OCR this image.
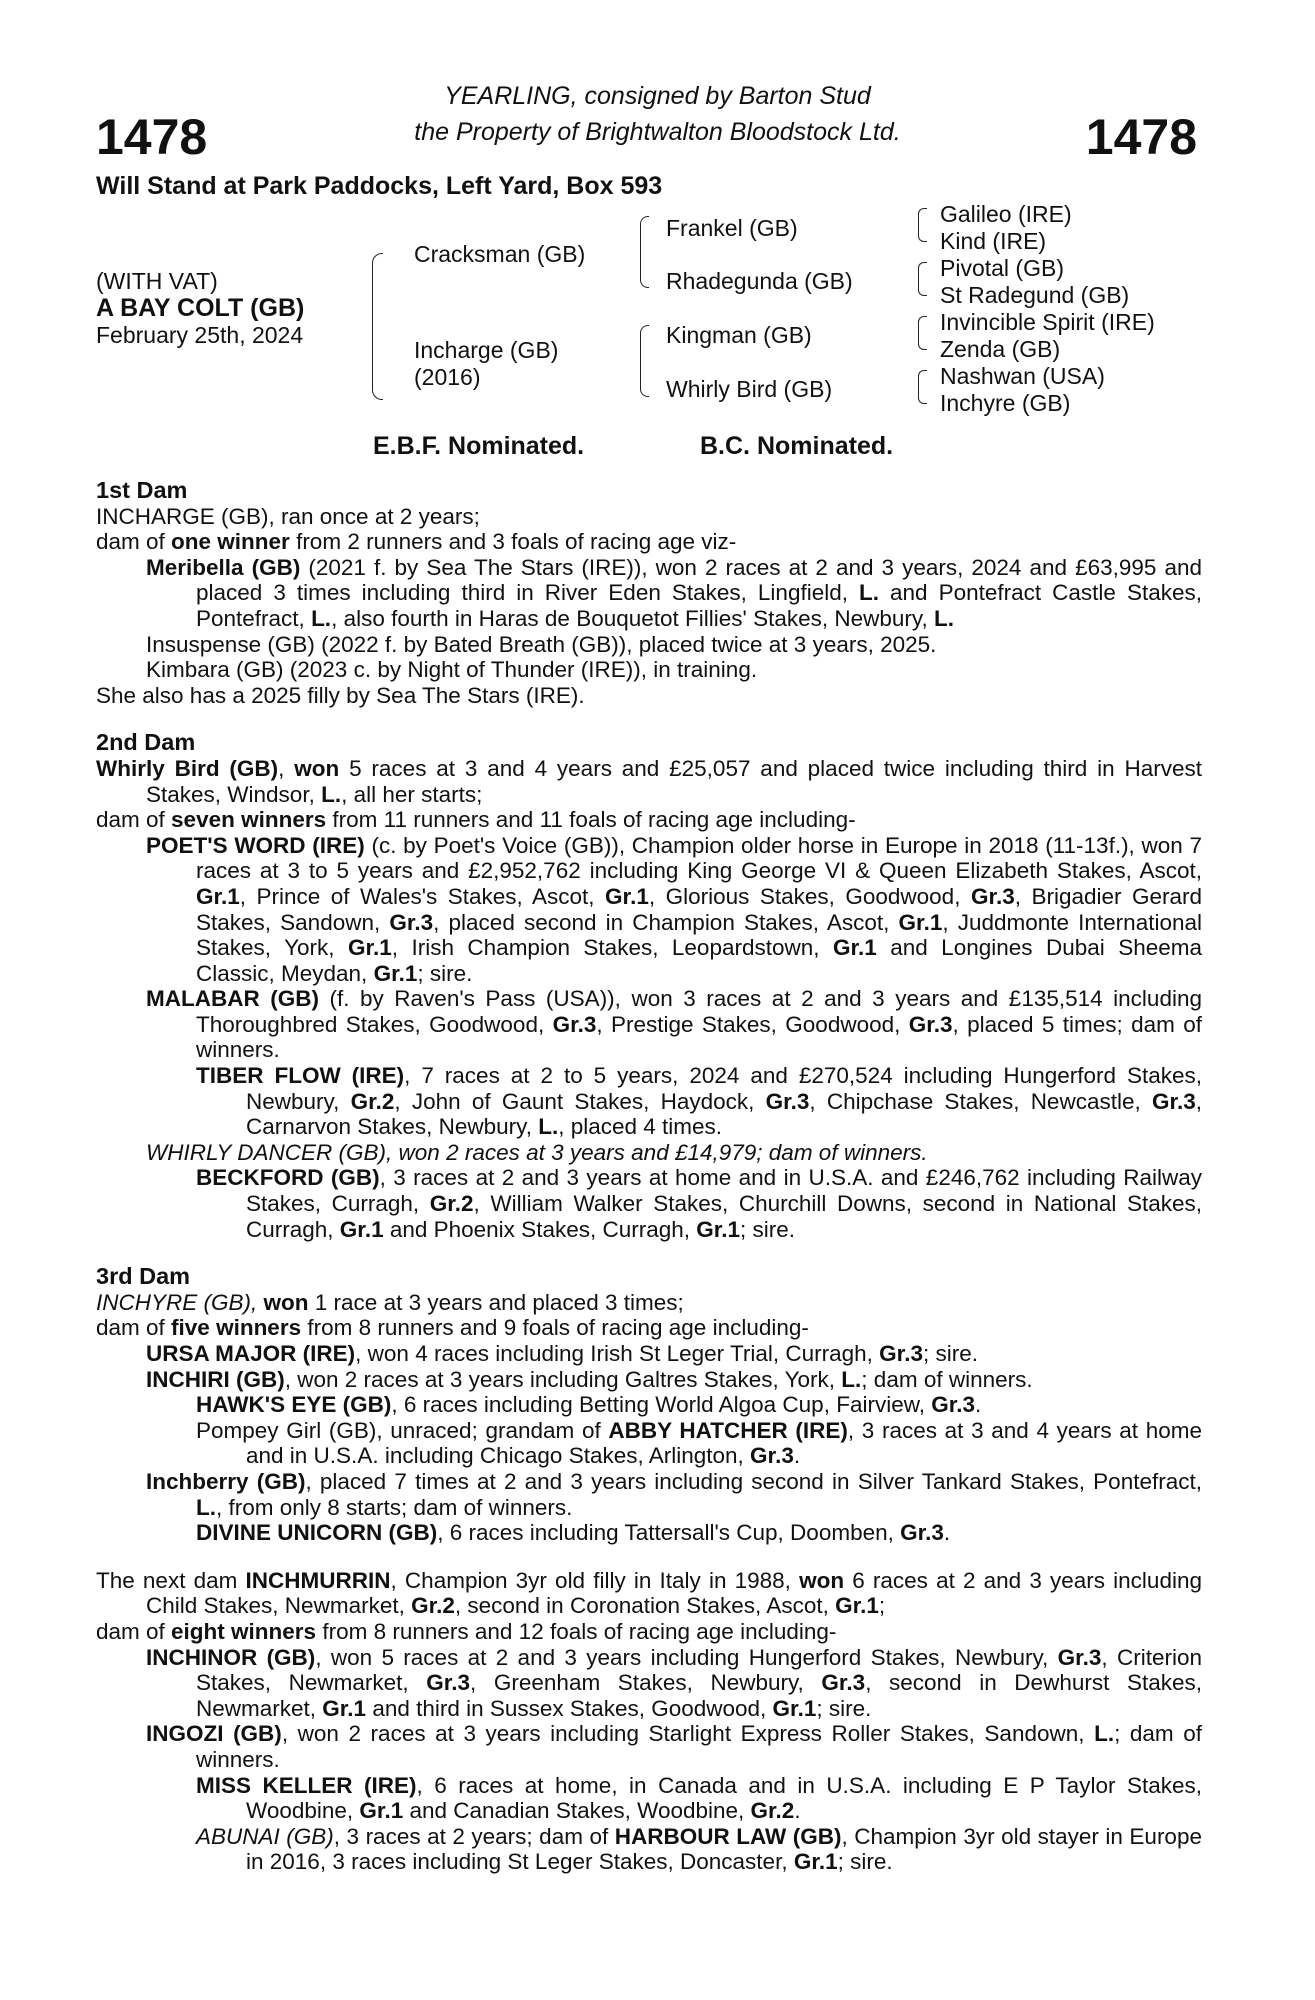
1478	1478
YEARLING, consigned by Barton Stud
the Property of Brightwalton Bloodstock Ltd.
Will Stand at Park Paddocks, Left Yard, Box 593
(WITH VAT)
A BAY COLT (GB)
February 25th, 2024
Cracksman (GB)
Incharge (GB)
(2016)
Frankel (GB)
Rhadegunda (GB)
Kingman (GB)
Whirly Bird (GB)
Galileo (IRE)
Kind (IRE)
Pivotal (GB)
St Radegund (GB)
Invincible Spirit (IRE)
Zenda (GB)
Nashwan (USA)
Inchyre (GB)
E.B.F. Nominated.	B.C. Nominated.
1st Dam
INCHARGE (GB), ran once at 2 years;
dam of one winner from 2 runners and 3 foals of racing age viz-
Meribella (GB) (2021 f. by Sea The Stars (IRE)), won 2 races at 2 and 3 years, 2024 and £63,995 and placed 3 times including third in River Eden Stakes, Lingfield, L. and Pontefract Castle Stakes, Pontefract, L., also fourth in Haras de Bouquetot Fillies' Stakes, Newbury, L.
Insuspense (GB) (2022 f. by Bated Breath (GB)), placed twice at 3 years, 2025.
Kimbara (GB) (2023 c. by Night of Thunder (IRE)), in training.
She also has a 2025 filly by Sea The Stars (IRE).
2nd Dam
Whirly Bird (GB), won 5 races at 3 and 4 years and £25,057 and placed twice including third in Harvest Stakes, Windsor, L., all her starts;
dam of seven winners from 11 runners and 11 foals of racing age including-
POET'S WORD (IRE) (c. by Poet's Voice (GB)), Champion older horse in Europe in 2018 (11-13f.), won 7 races at 3 to 5 years and £2,952,762 including King George VI & Queen Elizabeth Stakes, Ascot, Gr.1, Prince of Wales's Stakes, Ascot, Gr.1, Glorious Stakes, Goodwood, Gr.3, Brigadier Gerard Stakes, Sandown, Gr.3, placed second in Champion Stakes, Ascot, Gr.1, Juddmonte International Stakes, York, Gr.1, Irish Champion Stakes, Leopardstown, Gr.1 and Longines Dubai Sheema Classic, Meydan, Gr.1; sire.
MALABAR (GB) (f. by Raven's Pass (USA)), won 3 races at 2 and 3 years and £135,514 including Thoroughbred Stakes, Goodwood, Gr.3, Prestige Stakes, Goodwood, Gr.3, placed 5 times; dam of winners.
TIBER FLOW (IRE), 7 races at 2 to 5 years, 2024 and £270,524 including Hungerford Stakes, Newbury, Gr.2, John of Gaunt Stakes, Haydock, Gr.3, Chipchase Stakes, Newcastle, Gr.3, Carnarvon Stakes, Newbury, L., placed 4 times.
WHIRLY DANCER (GB), won 2 races at 3 years and £14,979; dam of winners.
BECKFORD (GB), 3 races at 2 and 3 years at home and in U.S.A. and £246,762 including Railway Stakes, Curragh, Gr.2, William Walker Stakes, Churchill Downs, second in National Stakes, Curragh, Gr.1 and Phoenix Stakes, Curragh, Gr.1; sire.
3rd Dam
INCHYRE (GB), won 1 race at 3 years and placed 3 times;
dam of five winners from 8 runners and 9 foals of racing age including-
URSA MAJOR (IRE), won 4 races including Irish St Leger Trial, Curragh, Gr.3; sire.
INCHIRI (GB), won 2 races at 3 years including Galtres Stakes, York, L.; dam of winners.
HAWK'S EYE (GB), 6 races including Betting World Algoa Cup, Fairview, Gr.3.
Pompey Girl (GB), unraced; grandam of ABBY HATCHER (IRE), 3 races at 3 and 4 years at home and in U.S.A. including Chicago Stakes, Arlington, Gr.3.
Inchberry (GB), placed 7 times at 2 and 3 years including second in Silver Tankard Stakes, Pontefract, L., from only 8 starts; dam of winners.
DIVINE UNICORN (GB), 6 races including Tattersall's Cup, Doomben, Gr.3.
The next dam INCHMURRIN, Champion 3yr old filly in Italy in 1988, won 6 races at 2 and 3 years including Child Stakes, Newmarket, Gr.2, second in Coronation Stakes, Ascot, Gr.1;
dam of eight winners from 8 runners and 12 foals of racing age including-
INCHINOR (GB), won 5 races at 2 and 3 years including Hungerford Stakes, Newbury, Gr.3, Criterion Stakes, Newmarket, Gr.3, Greenham Stakes, Newbury, Gr.3, second in Dewhurst Stakes, Newmarket, Gr.1 and third in Sussex Stakes, Goodwood, Gr.1; sire.
INGOZI (GB), won 2 races at 3 years including Starlight Express Roller Stakes, Sandown, L.; dam of winners.
MISS KELLER (IRE), 6 races at home, in Canada and in U.S.A. including E P Taylor Stakes, Woodbine, Gr.1 and Canadian Stakes, Woodbine, Gr.2.
ABUNAI (GB), 3 races at 2 years; dam of HARBOUR LAW (GB), Champion 3yr old stayer in Europe in 2016, 3 races including St Leger Stakes, Doncaster, Gr.1; sire.
